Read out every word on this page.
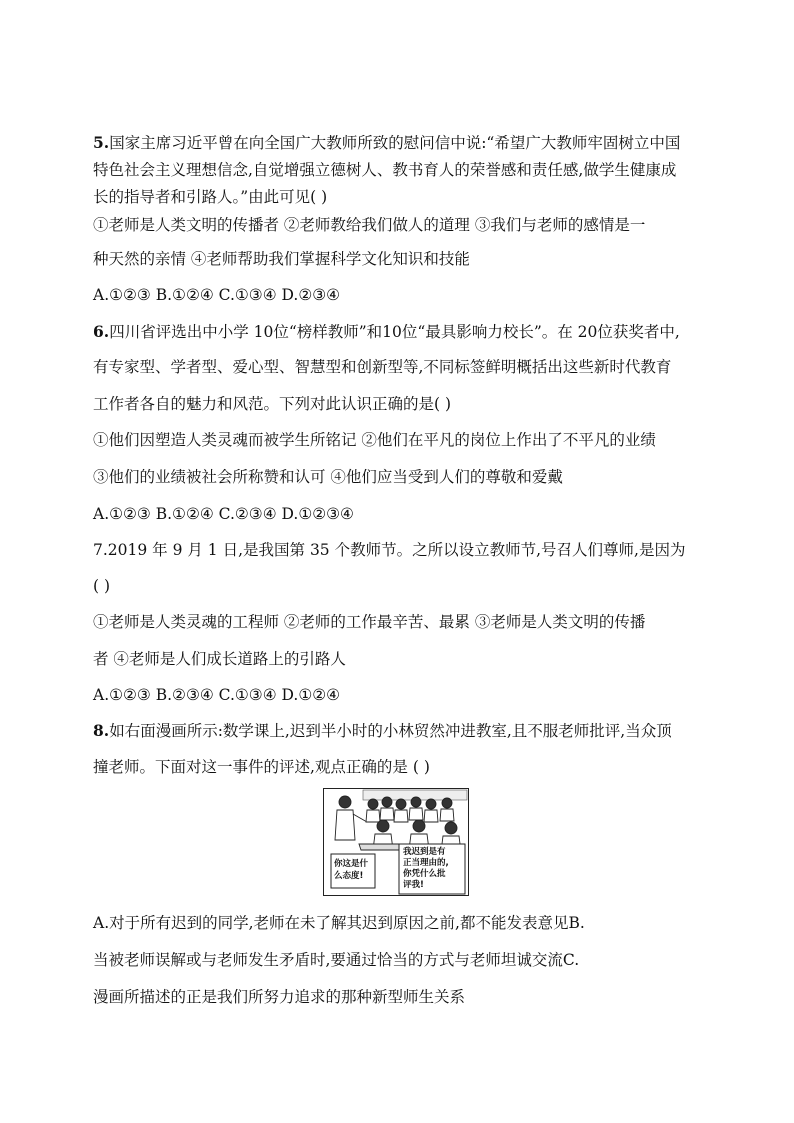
5.国家主席习近平曾在向全国广大教师所致的慰问信中说:“希望广大教师牢固树立中国
特色社会主义理想信念,自觉增强立德树人、教书育人的荣誉感和责任感,做学生健康成
长的指导者和引路人。”由此可见( )
①老师是人类文明的传播者 ②老师教给我们做人的道理 ③我们与老师的感情是一
种天然的亲情 ④老师帮助我们掌握科学文化知识和技能
A.①②③ B.①②④ C.①③④ D.②③④
6.四川省评选出中小学 10位“榜样教师”和10位“最具影响力校长”。在 20位获奖者中,
有专家型、学者型、爱心型、智慧型和创新型等,不同标签鲜明概括出这些新时代教育
工作者各自的魅力和风范。下列对此认识正确的是( )
①他们因塑造人类灵魂而被学生所铭记 ②他们在平凡的岗位上作出了不平凡的业绩
③他们的业绩被社会所称赞和认可 ④他们应当受到人们的尊敬和爱戴
A.①②③ B.①②④ C.②③④ D.①②③④
7.2019 年 9 月 1 日,是我国第 35 个教师节。之所以设立教师节,号召人们尊师,是因为
( )
①老师是人类灵魂的工程师 ②老师的工作最辛苦、最累 ③老师是人类文明的传播
者 ④老师是人们成长道路上的引路人
A.①②③ B.②③④ C.①③④ D.①②④
8.如右面漫画所示:数学课上,迟到半小时的小林贸然冲进教室,且不服老师批评,当众顶
撞老师。下面对这一事件的评述,观点正确的是 ( )
你这是什
么态度!
我迟到是有
正当理由的,
你凭什么批
评我!
A.对于所有迟到的同学,老师在未了解其迟到原因之前,都不能发表意见B.
当被老师误解或与老师发生矛盾时,要通过恰当的方式与老师坦诚交流C.
漫画所描述的正是我们所努力追求的那种新型师生关系
